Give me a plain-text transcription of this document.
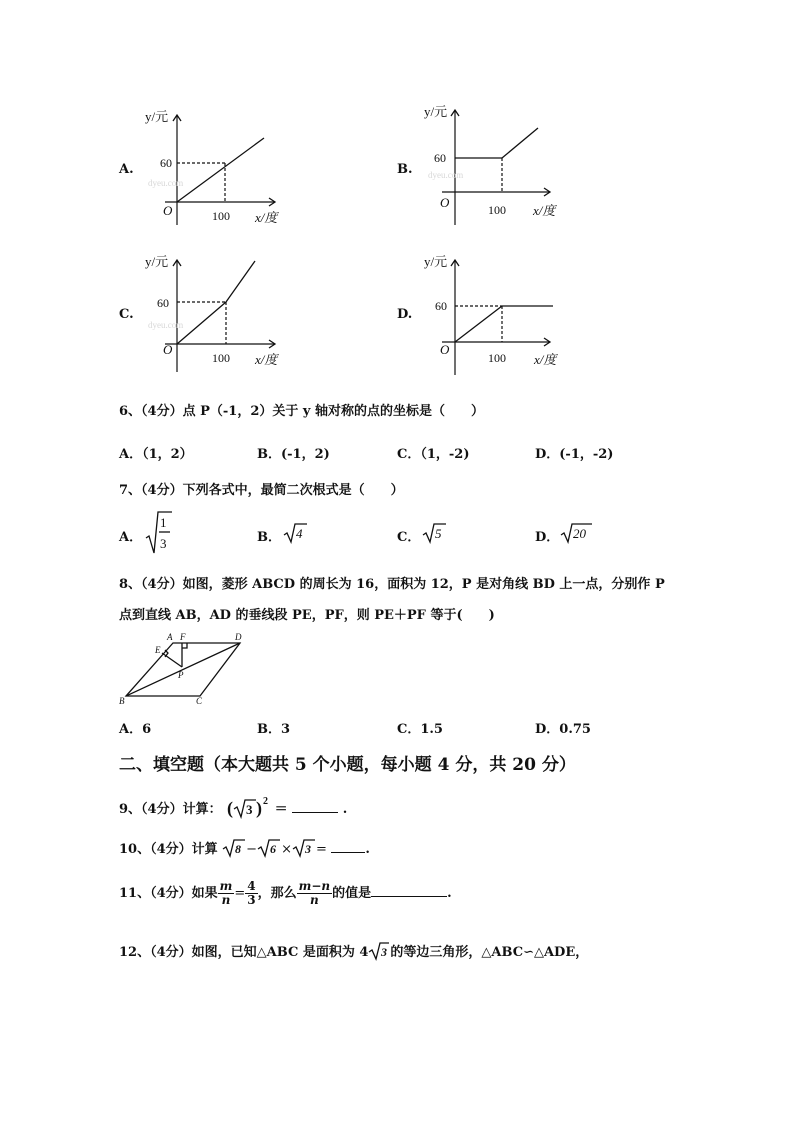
A.
y/元
60
100
O	x/度
dyeu.com
B.
y/元
60
100
O
x/度
dyeu.com
C.
y/元
60
100
O
x/度
dyeu.com
D.
y/元
60
100
O
x/度
6、（4分）点 P（-1，2）关于 y 轴对称的点的坐标是（　　）
A．（1，2）	B．(-1，2)	C．（1，-2)	D．(-1，-2)
7、（4分）下列各式中，最简二次根式是（　　）
A．
1
3	B． 4	C． 5	D． 20
8、（4分）如图，菱形 ABCD 的周长为 16，面积为 12，P 是对角线 BD 上一点，分别作 P
点到直线 AB，AD 的垂线段 PE，PF，则 PE＋PF 等于(　　)
A F	D
E
P
B	C
A．6	B．3	C．1.5	D．0.75
二、填空题（本大题共 5 个小题，每小题 4 分，共 20 分）
9、（4分）计算： ( 3 ) 2
＝	.
10、（4分）计算 8 − 6 × 3 =	.
11、（4分）如果 $\frac{m}{n} = \frac{4}{3}$ ，那么 $\frac{m-n}{n}$ 的值是	.
12、（4分）如图，已知△ABC 是面积为 4 3 的等边三角形，△ABC∽△ADE，
